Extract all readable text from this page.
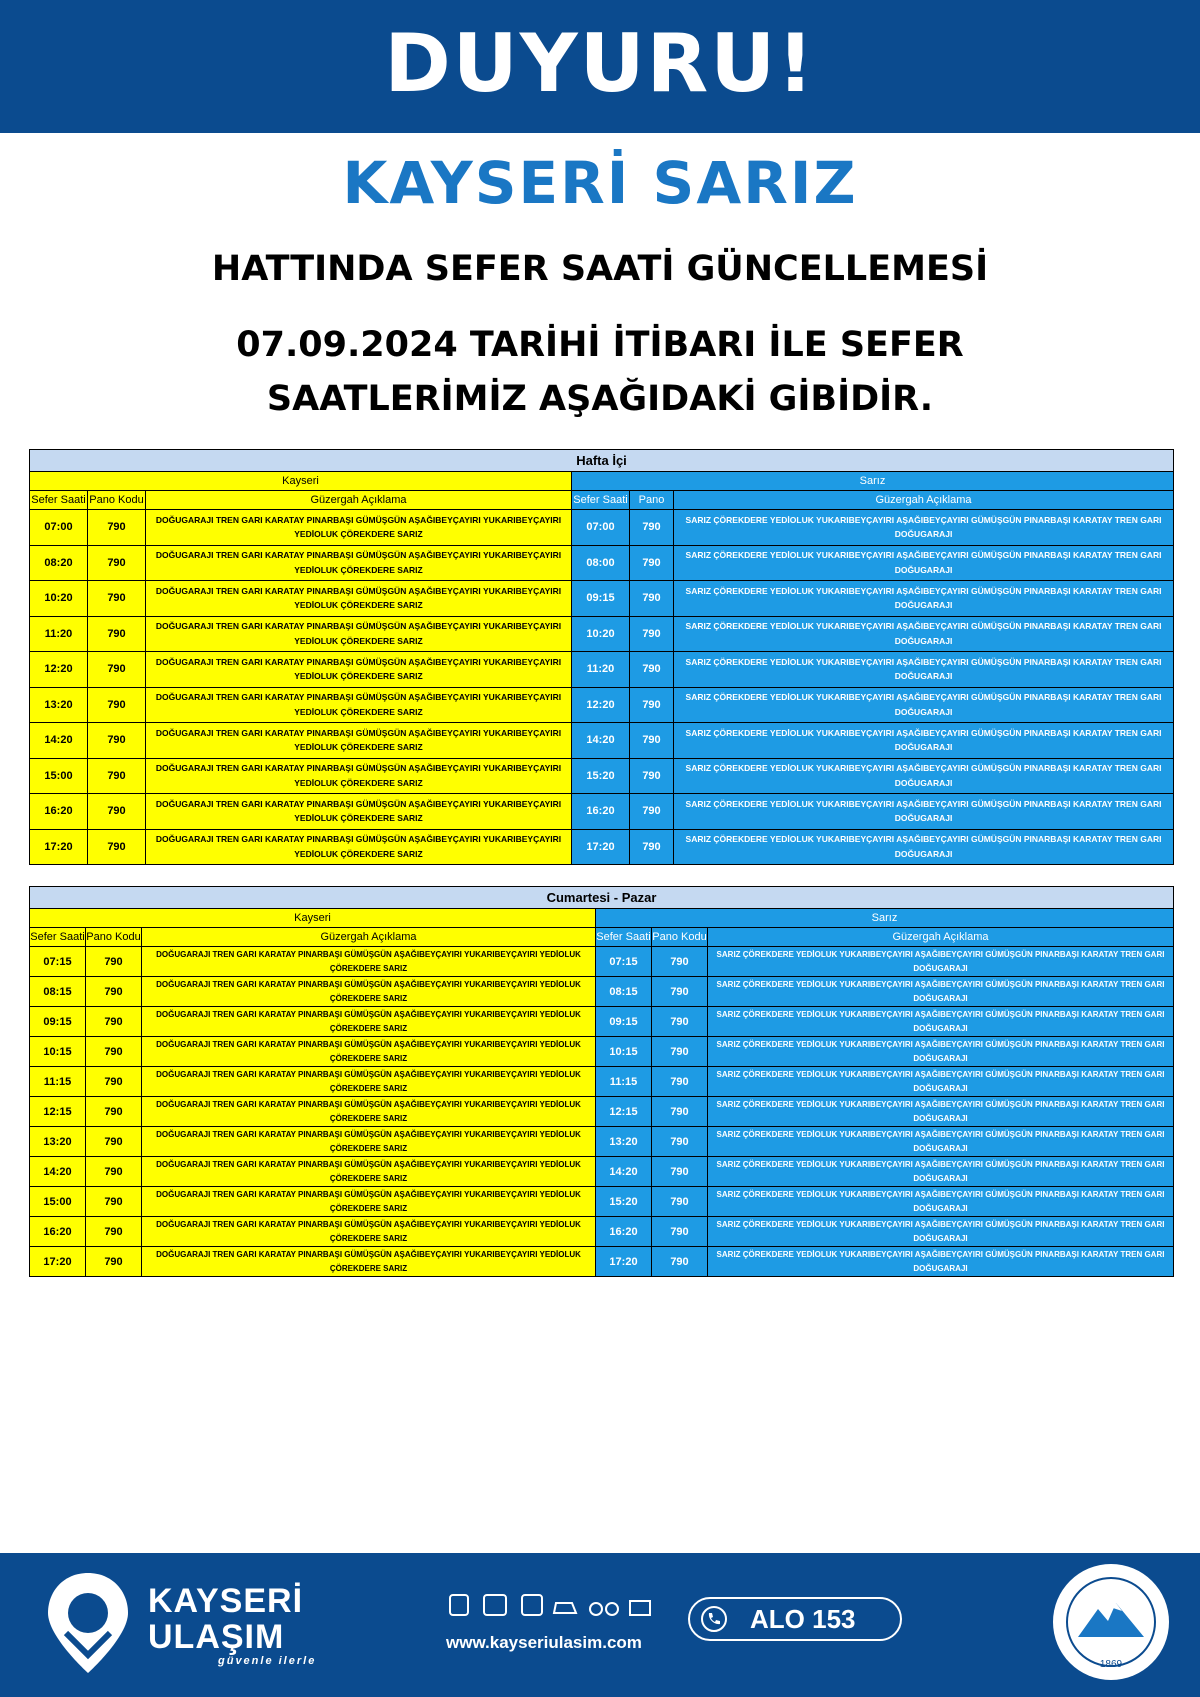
DUYURU!
KAYSERİ SARIZ
HATTINDA SEFER SAATİ GÜNCELLEMESİ
07.09.2024 TARİHİ İTİBARI İLE SEFER
SAATLERİMİZ AŞAĞIDAKİ GİBİDİR.
Hafta İçi					
Kayseri			Sarız		
Sefer Saati	Pano Kodu	Güzergah Açıklama	Sefer Saati	Pano	Güzergah Açıklama
07:00	790	DOĞUGARAJI TREN GARI KARATAY PINARBAŞI GÜMÜŞGÜN AŞAĞIBEYÇAYIRI YUKARIBEYÇAYIRI YEDİOLUK ÇÖREKDERE SARIZ	07:00	790	SARIZ ÇÖREKDERE YEDİOLUK YUKARIBEYÇAYIRI AŞAĞIBEYÇAYIRI GÜMÜŞGÜN PINARBAŞI KARATAY TREN GARI DOĞUGARAJI
08:20	790	DOĞUGARAJI TREN GARI KARATAY PINARBAŞI GÜMÜŞGÜN AŞAĞIBEYÇAYIRI YUKARIBEYÇAYIRI YEDİOLUK ÇÖREKDERE SARIZ	08:00	790	SARIZ ÇÖREKDERE YEDİOLUK YUKARIBEYÇAYIRI AŞAĞIBEYÇAYIRI GÜMÜŞGÜN PINARBAŞI KARATAY TREN GARI DOĞUGARAJI
10:20	790	DOĞUGARAJI TREN GARI KARATAY PINARBAŞI GÜMÜŞGÜN AŞAĞIBEYÇAYIRI YUKARIBEYÇAYIRI YEDİOLUK ÇÖREKDERE SARIZ	09:15	790	SARIZ ÇÖREKDERE YEDİOLUK YUKARIBEYÇAYIRI AŞAĞIBEYÇAYIRI GÜMÜŞGÜN PINARBAŞI KARATAY TREN GARI DOĞUGARAJI
11:20	790	DOĞUGARAJI TREN GARI KARATAY PINARBAŞI GÜMÜŞGÜN AŞAĞIBEYÇAYIRI YUKARIBEYÇAYIRI YEDİOLUK ÇÖREKDERE SARIZ	10:20	790	SARIZ ÇÖREKDERE YEDİOLUK YUKARIBEYÇAYIRI AŞAĞIBEYÇAYIRI GÜMÜŞGÜN PINARBAŞI KARATAY TREN GARI DOĞUGARAJI
12:20	790	DOĞUGARAJI TREN GARI KARATAY PINARBAŞI GÜMÜŞGÜN AŞAĞIBEYÇAYIRI YUKARIBEYÇAYIRI YEDİOLUK ÇÖREKDERE SARIZ	11:20	790	SARIZ ÇÖREKDERE YEDİOLUK YUKARIBEYÇAYIRI AŞAĞIBEYÇAYIRI GÜMÜŞGÜN PINARBAŞI KARATAY TREN GARI DOĞUGARAJI
13:20	790	DOĞUGARAJI TREN GARI KARATAY PINARBAŞI GÜMÜŞGÜN AŞAĞIBEYÇAYIRI YUKARIBEYÇAYIRI YEDİOLUK ÇÖREKDERE SARIZ	12:20	790	SARIZ ÇÖREKDERE YEDİOLUK YUKARIBEYÇAYIRI AŞAĞIBEYÇAYIRI GÜMÜŞGÜN PINARBAŞI KARATAY TREN GARI DOĞUGARAJI
14:20	790	DOĞUGARAJI TREN GARI KARATAY PINARBAŞI GÜMÜŞGÜN AŞAĞIBEYÇAYIRI YUKARIBEYÇAYIRI YEDİOLUK ÇÖREKDERE SARIZ	14:20	790	SARIZ ÇÖREKDERE YEDİOLUK YUKARIBEYÇAYIRI AŞAĞIBEYÇAYIRI GÜMÜŞGÜN PINARBAŞI KARATAY TREN GARI DOĞUGARAJI
15:00	790	DOĞUGARAJI TREN GARI KARATAY PINARBAŞI GÜMÜŞGÜN AŞAĞIBEYÇAYIRI YUKARIBEYÇAYIRI YEDİOLUK ÇÖREKDERE SARIZ	15:20	790	SARIZ ÇÖREKDERE YEDİOLUK YUKARIBEYÇAYIRI AŞAĞIBEYÇAYIRI GÜMÜŞGÜN PINARBAŞI KARATAY TREN GARI DOĞUGARAJI
16:20	790	DOĞUGARAJI TREN GARI KARATAY PINARBAŞI GÜMÜŞGÜN AŞAĞIBEYÇAYIRI YUKARIBEYÇAYIRI YEDİOLUK ÇÖREKDERE SARIZ	16:20	790	SARIZ ÇÖREKDERE YEDİOLUK YUKARIBEYÇAYIRI AŞAĞIBEYÇAYIRI GÜMÜŞGÜN PINARBAŞI KARATAY TREN GARI DOĞUGARAJI
17:20	790	DOĞUGARAJI TREN GARI KARATAY PINARBAŞI GÜMÜŞGÜN AŞAĞIBEYÇAYIRI YUKARIBEYÇAYIRI YEDİOLUK ÇÖREKDERE SARIZ	17:20	790	SARIZ ÇÖREKDERE YEDİOLUK YUKARIBEYÇAYIRI AŞAĞIBEYÇAYIRI GÜMÜŞGÜN PINARBAŞI KARATAY TREN GARI DOĞUGARAJI
Cumartesi - Pazar					
Kayseri			Sarız		
Sefer Saati	Pano Kodu	Güzergah Açıklama	Sefer Saati	Pano Kodu	Güzergah Açıklama
07:15	790	DOĞUGARAJI TREN GARI KARATAY PINARBAŞI GÜMÜŞGÜN AŞAĞIBEYÇAYIRI YUKARIBEYÇAYIRI YEDİOLUK ÇÖREKDERE SARIZ	07:15	790	SARIZ ÇÖREKDERE YEDİOLUK YUKARIBEYÇAYIRI AŞAĞIBEYÇAYIRI GÜMÜŞGÜN PINARBAŞI KARATAY TREN GARI DOĞUGARAJI
08:15	790	DOĞUGARAJI TREN GARI KARATAY PINARBAŞI GÜMÜŞGÜN AŞAĞIBEYÇAYIRI YUKARIBEYÇAYIRI YEDİOLUK ÇÖREKDERE SARIZ	08:15	790	SARIZ ÇÖREKDERE YEDİOLUK YUKARIBEYÇAYIRI AŞAĞIBEYÇAYIRI GÜMÜŞGÜN PINARBAŞI KARATAY TREN GARI DOĞUGARAJI
09:15	790	DOĞUGARAJI TREN GARI KARATAY PINARBAŞI GÜMÜŞGÜN AŞAĞIBEYÇAYIRI YUKARIBEYÇAYIRI YEDİOLUK ÇÖREKDERE SARIZ	09:15	790	SARIZ ÇÖREKDERE YEDİOLUK YUKARIBEYÇAYIRI AŞAĞIBEYÇAYIRI GÜMÜŞGÜN PINARBAŞI KARATAY TREN GARI DOĞUGARAJI
10:15	790	DOĞUGARAJI TREN GARI KARATAY PINARBAŞI GÜMÜŞGÜN AŞAĞIBEYÇAYIRI YUKARIBEYÇAYIRI YEDİOLUK ÇÖREKDERE SARIZ	10:15	790	SARIZ ÇÖREKDERE YEDİOLUK YUKARIBEYÇAYIRI AŞAĞIBEYÇAYIRI GÜMÜŞGÜN PINARBAŞI KARATAY TREN GARI DOĞUGARAJI
11:15	790	DOĞUGARAJI TREN GARI KARATAY PINARBAŞI GÜMÜŞGÜN AŞAĞIBEYÇAYIRI YUKARIBEYÇAYIRI YEDİOLUK ÇÖREKDERE SARIZ	11:15	790	SARIZ ÇÖREKDERE YEDİOLUK YUKARIBEYÇAYIRI AŞAĞIBEYÇAYIRI GÜMÜŞGÜN PINARBAŞI KARATAY TREN GARI DOĞUGARAJI
12:15	790	DOĞUGARAJI TREN GARI KARATAY PINARBAŞI GÜMÜŞGÜN AŞAĞIBEYÇAYIRI YUKARIBEYÇAYIRI YEDİOLUK ÇÖREKDERE SARIZ	12:15	790	SARIZ ÇÖREKDERE YEDİOLUK YUKARIBEYÇAYIRI AŞAĞIBEYÇAYIRI GÜMÜŞGÜN PINARBAŞI KARATAY TREN GARI DOĞUGARAJI
13:20	790	DOĞUGARAJI TREN GARI KARATAY PINARBAŞI GÜMÜŞGÜN AŞAĞIBEYÇAYIRI YUKARIBEYÇAYIRI YEDİOLUK ÇÖREKDERE SARIZ	13:20	790	SARIZ ÇÖREKDERE YEDİOLUK YUKARIBEYÇAYIRI AŞAĞIBEYÇAYIRI GÜMÜŞGÜN PINARBAŞI KARATAY TREN GARI DOĞUGARAJI
14:20	790	DOĞUGARAJI TREN GARI KARATAY PINARBAŞI GÜMÜŞGÜN AŞAĞIBEYÇAYIRI YUKARIBEYÇAYIRI YEDİOLUK ÇÖREKDERE SARIZ	14:20	790	SARIZ ÇÖREKDERE YEDİOLUK YUKARIBEYÇAYIRI AŞAĞIBEYÇAYIRI GÜMÜŞGÜN PINARBAŞI KARATAY TREN GARI DOĞUGARAJI
15:00	790	DOĞUGARAJI TREN GARI KARATAY PINARBAŞI GÜMÜŞGÜN AŞAĞIBEYÇAYIRI YUKARIBEYÇAYIRI YEDİOLUK ÇÖREKDERE SARIZ	15:20	790	SARIZ ÇÖREKDERE YEDİOLUK YUKARIBEYÇAYIRI AŞAĞIBEYÇAYIRI GÜMÜŞGÜN PINARBAŞI KARATAY TREN GARI DOĞUGARAJI
16:20	790	DOĞUGARAJI TREN GARI KARATAY PINARBAŞI GÜMÜŞGÜN AŞAĞIBEYÇAYIRI YUKARIBEYÇAYIRI YEDİOLUK ÇÖREKDERE SARIZ	16:20	790	SARIZ ÇÖREKDERE YEDİOLUK YUKARIBEYÇAYIRI AŞAĞIBEYÇAYIRI GÜMÜŞGÜN PINARBAŞI KARATAY TREN GARI DOĞUGARAJI
17:20	790	DOĞUGARAJI TREN GARI KARATAY PINARBAŞI GÜMÜŞGÜN AŞAĞIBEYÇAYIRI YUKARIBEYÇAYIRI YEDİOLUK ÇÖREKDERE SARIZ	17:20	790	SARIZ ÇÖREKDERE YEDİOLUK YUKARIBEYÇAYIRI AŞAĞIBEYÇAYIRI GÜMÜŞGÜN PINARBAŞI KARATAY TREN GARI DOĞUGARAJI
KAYSERİ
ULAŞIM
güvenle ilerle
www.kayseriulasim.com
ALO 153
1869
